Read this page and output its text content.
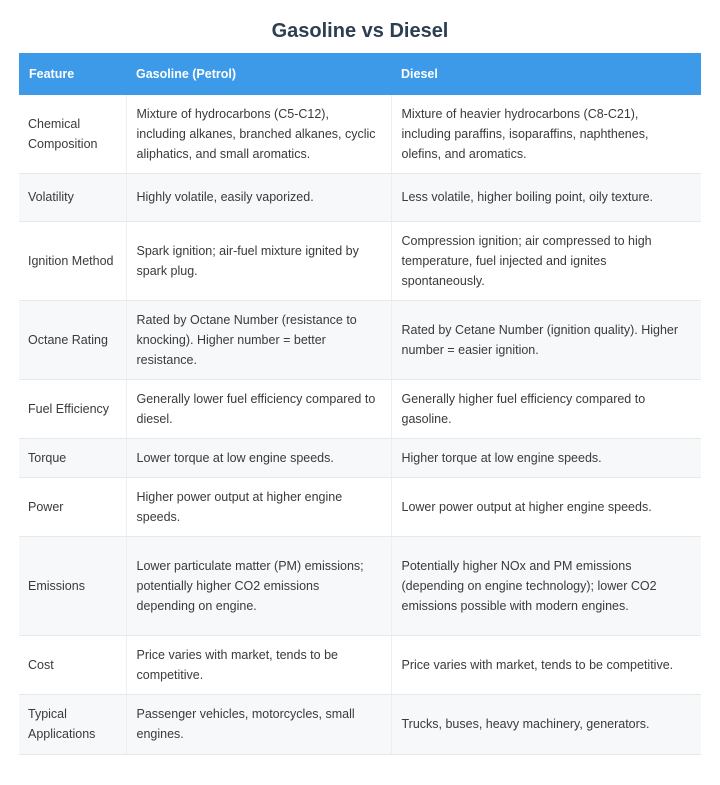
Gasoline vs Diesel
Feature	Gasoline (Petrol)	Diesel
Chemical Composition	Mixture of hydrocarbons (C5-C12), including alkanes, branched alkanes, cyclic aliphatics, and small aromatics.	Mixture of heavier hydrocarbons (C8-C21), including paraffins, isoparaffins, naphthenes, olefins, and aromatics.
Volatility	Highly volatile, easily vaporized.	Less volatile, higher boiling point, oily texture.
Ignition Method	Spark ignition; air-fuel mixture ignited by spark plug.	Compression ignition; air compressed to high temperature, fuel injected and ignites spontaneously.
Octane Rating	Rated by Octane Number (resistance to knocking). Higher number = better resistance.	Rated by Cetane Number (ignition quality). Higher number = easier ignition.
Fuel Efficiency	Generally lower fuel efficiency compared to diesel.	Generally higher fuel efficiency compared to gasoline.
Torque	Lower torque at low engine speeds.	Higher torque at low engine speeds.
Power	Higher power output at higher engine speeds.	Lower power output at higher engine speeds.
Emissions	Lower particulate matter (PM) emissions; potentially higher CO2 emissions depending on engine.	Potentially higher NOx and PM emissions (depending on engine technology); lower CO2 emissions possible with modern engines.
Cost	Price varies with market, tends to be competitive.	Price varies with market, tends to be competitive.
Typical Applications	Passenger vehicles, motorcycles, small engines.	Trucks, buses, heavy machinery, generators.
